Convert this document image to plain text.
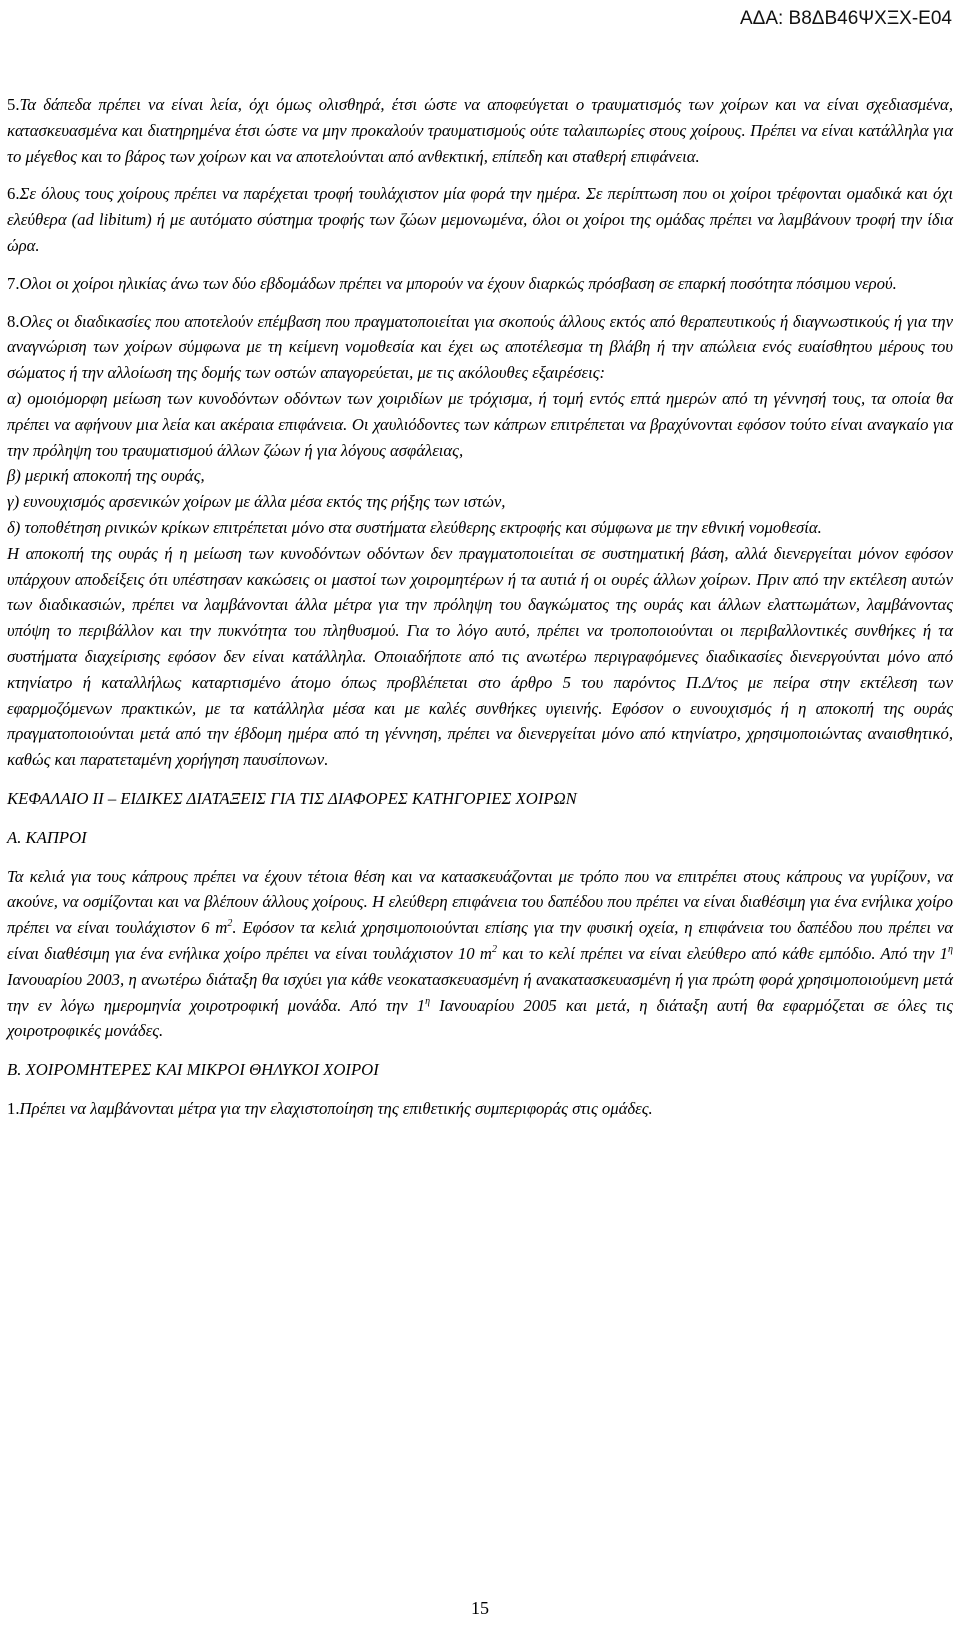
ΑΔΑ: Β8ΔΒ46ΨΧΞΧ-Ε04

5.Τα δάπεδα πρέπει να είναι λεία, όχι όμως ολισθηρά, έτσι ώστε να αποφεύγεται ο τραυματισμός των χοίρων και να είναι σχεδιασμένα, κατασκευασμένα και διατηρημένα έτσι ώστε να μην προκαλούν τραυματισμούς ούτε ταλαιπωρίες στους χοίρους. Πρέπει να είναι κατάλληλα για το μέγεθος και το βάρος των χοίρων και να αποτελούνται από ανθεκτική, επίπεδη και σταθερή επιφάνεια.

6.Σε όλους τους χοίρους πρέπει να παρέχεται τροφή τουλάχιστον μία φορά την ημέρα. Σε περίπτωση που οι χοίροι τρέφονται ομαδικά και όχι ελεύθερα (ad libitum) ή με αυτόματο σύστημα τροφής των ζώων μεμονωμένα, όλοι οι χοίροι της ομάδας πρέπει να λαμβάνουν τροφή την ίδια ώρα.

7.Ολοι οι χοίροι ηλικίας άνω των δύο εβδομάδων πρέπει να μπορούν να έχουν διαρκώς πρόσβαση σε επαρκή ποσότητα πόσιμου νερού.

8.Ολες οι διαδικασίες που αποτελούν επέμβαση που πραγματοποιείται για σκοπούς άλλους εκτός από θεραπευτικούς ή διαγνωστικούς ή για την αναγνώριση των χοίρων σύμφωνα με τη κείμενη νομοθεσία και έχει ως αποτέλεσμα τη βλάβη ή την απώλεια ενός ευαίσθητου μέρους του σώματος ή την αλλοίωση της δομής των οστών απαγορεύεται, με τις ακόλουθες εξαιρέσεις:

α) ομοιόμορφη μείωση των κυνοδόντων οδόντων των χοιριδίων με τρόχισμα, ή τομή εντός επτά ημερών από τη γέννησή τους, τα οποία θα πρέπει να αφήνουν μια λεία και ακέραια επιφάνεια. Οι χαυλιόδοντες των κάπρων επιτρέπεται να βραχύνονται εφόσον τούτο είναι αναγκαίο για την πρόληψη του τραυματισμού άλλων ζώων ή για λόγους ασφάλειας,

β) μερική αποκοπή της ουράς,

γ) ευνουχισμός αρσενικών χοίρων με άλλα μέσα εκτός της ρήξης των ιστών,

δ) τοποθέτηση ρινικών κρίκων επιτρέπεται μόνο στα συστήματα ελεύθερης εκτροφής και σύμφωνα με την εθνική νομοθεσία.

Η αποκοπή της ουράς ή η μείωση των κυνοδόντων οδόντων δεν πραγματοποιείται σε συστηματική βάση, αλλά διενεργείται μόνον εφόσον υπάρχουν αποδείξεις ότι υπέστησαν κακώσεις οι μαστοί των χοιρομητέρων ή τα αυτιά ή οι ουρές άλλων χοίρων. Πριν από την εκτέλεση αυτών των διαδικασιών, πρέπει να λαμβάνονται άλλα μέτρα για την πρόληψη του δαγκώματος της ουράς και άλλων ελαττωμάτων, λαμβάνοντας υπόψη το περιβάλλον και την πυκνότητα του πληθυσμού. Για το λόγο αυτό, πρέπει να τροποποιούνται οι περιβαλλοντικές συνθήκες ή τα συστήματα διαχείρισης εφόσον δεν είναι κατάλληλα. Οποιαδήποτε από τις ανωτέρω περιγραφόμενες διαδικασίες διενεργούνται μόνο από κτηνίατρο ή καταλλήλως καταρτισμένο άτομο όπως προβλέπεται στο άρθρο 5 του παρόντος Π.Δ/τος με πείρα στην εκτέλεση των εφαρμοζόμενων πρακτικών, με τα κατάλληλα μέσα και με καλές συνθήκες υγιεινής. Εφόσον ο ευνουχισμός ή η αποκοπή της ουράς πραγματοποιούνται μετά από την έβδομη ημέρα από τη γέννηση, πρέπει να διενεργείται μόνο από κτηνίατρο, χρησιμοποιώντας αναισθητικό, καθώς και παρατεταμένη χορήγηση παυσίπονων.

ΚΕΦΑΛΑΙΟ ΙΙ – ΕΙΔΙΚΕΣ ΔΙΑΤΑΞΕΙΣ ΓΙΑ ΤΙΣ ΔΙΑΦΟΡΕΣ ΚΑΤΗΓΟΡΙΕΣ ΧΟΙΡΩΝ

Α. ΚΑΠΡΟΙ

Τα κελιά για τους κάπρους πρέπει να έχουν τέτοια θέση και να κατασκευάζονται με τρόπο που να επιτρέπει στους κάπρους να γυρίζουν, να ακούνε, να οσμίζονται και να βλέπουν άλλους χοίρους. Η ελεύθερη επιφάνεια του δαπέδου που πρέπει να είναι διαθέσιμη για ένα ενήλικα χοίρο πρέπει να είναι τουλάχιστον 6 $m^2$. Εφόσον τα κελιά χρησιμοποιούνται επίσης για την φυσική οχεία, η επιφάνεια του δαπέδου που πρέπει να είναι διαθέσιμη για ένα ενήλικα χοίρο πρέπει να είναι τουλάχιστον 10 $m^2$ και το κελί πρέπει να είναι ελεύθερο από κάθε εμπόδιο. Από την $1^\eta$ Ιανουαρίου 2003, η ανωτέρω διάταξη θα ισχύει για κάθε νεοκατασκευασμένη ή ανακατασκευασμένη ή για πρώτη φορά χρησιμοποιούμενη μετά την εν λόγω ημερομηνία χοιροτροφική μονάδα. Από την $1^\eta$ Ιανουαρίου 2005 και μετά, η διάταξη αυτή θα εφαρμόζεται σε όλες τις χοιροτροφικές μονάδες.

Β. ΧΟΙΡΟΜΗΤΕΡΕΣ ΚΑΙ ΜΙΚΡΟΙ ΘΗΛΥΚΟΙ ΧΟΙΡΟΙ

1.Πρέπει να λαμβάνονται μέτρα για την ελαχιστοποίηση της επιθετικής συμπεριφοράς στις ομάδες.

15
